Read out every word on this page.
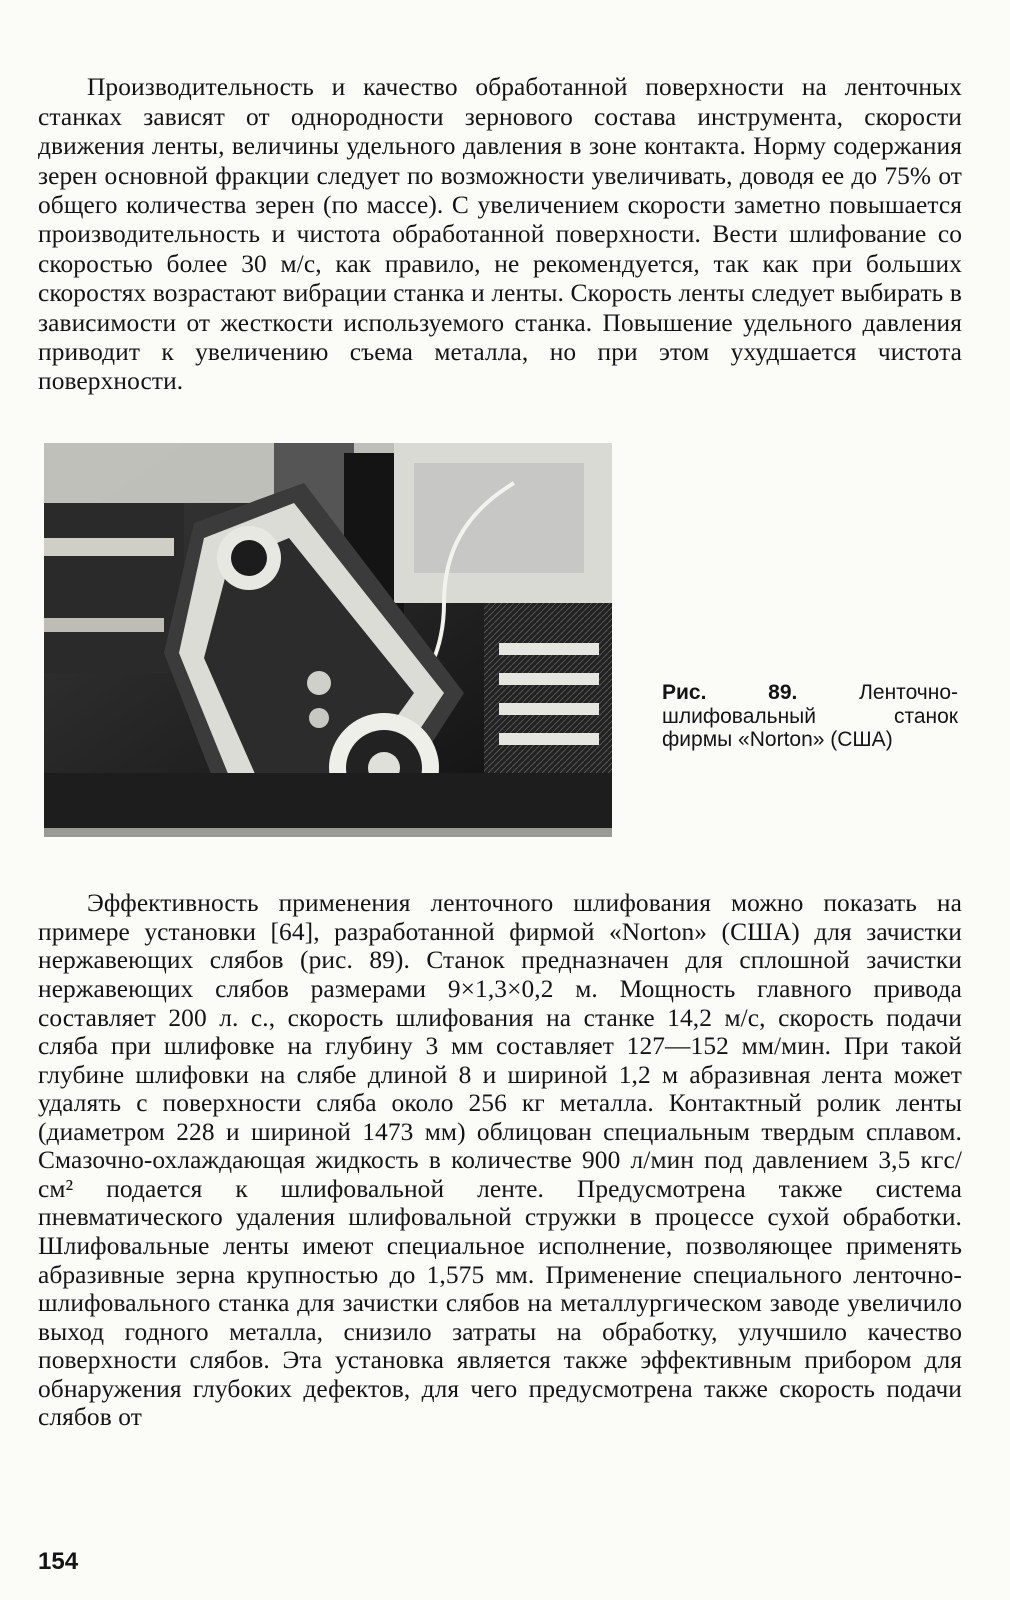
Производительность и качество обработанной поверхности на ленточных станках зависят от однородности зернового состава инструмента, скорости движения ленты, величины удельного давления в зоне контакта. Норму содержания зерен основной фракции следует по возможности увеличивать, доводя ее до 75% от общего количества зерен (по массе). С увеличением скорости заметно повышается производительность и чистота обработанной поверхности. Вести шлифование со скоростью более 30 м/с, как правило, не рекомендуется, так как при больших скоростях возрастают вибрации станка и ленты. Скорость ленты следует выбирать в зависимости от жесткости используемого станка. Повышение удельного давления приводит к увеличению съема металла, но при этом ухудшается чистота поверхности.

Рис. 89.	Ленточно-шлифовальный станок фирмы «Norton» (США)

Эффективность применения ленточного шлифования можно показать на примере установки [64], разработанной фирмой «Norton» (США) для зачистки нержавеющих слябов (рис. 89). Станок предназначен для сплошной зачистки нержавеющих слябов размерами 9×1,3×0,2 м. Мощность главного привода составляет 200 л. с., скорость шлифования на станке 14,2 м/с, скорость подачи сляба при шлифовке на глубину 3 мм составляет 127—152 мм/мин. При такой глубине шлифовки на слябе длиной 8 и шириной 1,2 м абразивная лента может удалять с поверхности сляба около 256 кг металла. Контактный ролик ленты (диаметром 228 и шириной 1473 мм) облицован специальным твердым сплавом. Смазочно-охлаждающая жидкость в количестве 900 л/мин под давлением 3,5 кгс/см² подается к шлифовальной ленте. Предусмотрена также система пневматического удаления шлифовальной стружки в процессе сухой обработки. Шлифовальные ленты имеют специальное исполнение, позволяющее применять абразивные зерна крупностью до 1,575 мм. Применение специального ленточно-шлифовального станка для зачистки слябов на металлургическом заводе увеличило выход годного металла, снизило затраты на обработку, улучшило качество поверхности слябов. Эта установка является также эффективным прибором для обнаружения глубоких дефектов, для чего предусмотрена также скорость подачи слябов от

154
